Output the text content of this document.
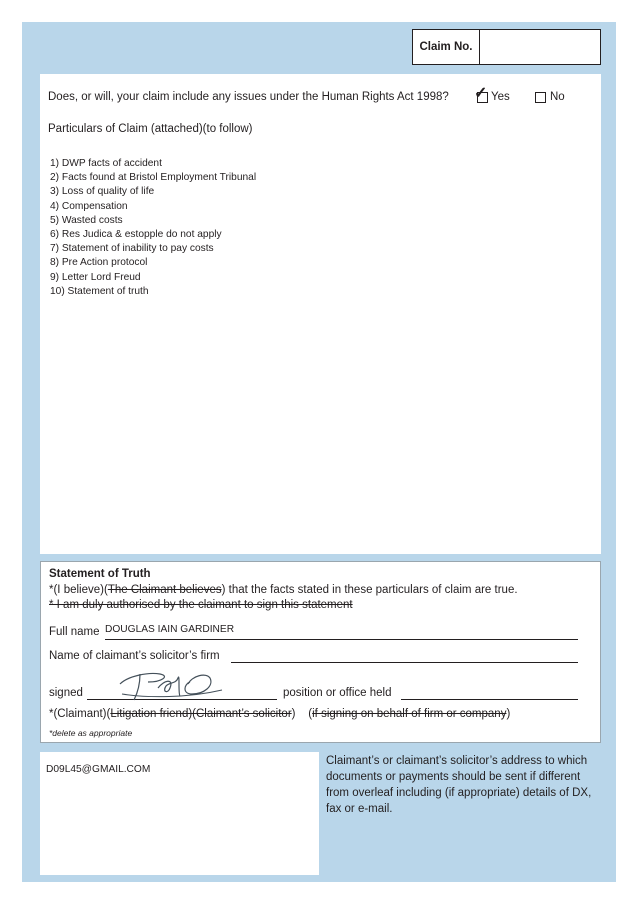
Claim No.
Does, or will, your claim include any issues under the Human Rights Act 1998? ✓ Yes	No
Particulars of Claim (attached)(to follow)
1) DWP facts of accident
2) Facts found at Bristol Employment Tribunal
3) Loss of quality of life
4) Compensation
5) Wasted costs
6) Res Judica & estopple do not apply
7) Statement of inability to pay costs
8) Pre Action protocol
9) Letter Lord Freud
10) Statement of truth
Statement of Truth
*(I believe)(The Claimant believes) that the facts stated in these particulars of claim are true.
* I am duly authorised by the claimant to sign this statement
Full name DOUGLAS IAIN GARDINER
Name of claimant’s solicitor’s firm
signed	position or office held
*(Claimant)(Litigation friend)(Claimant’s solicitor) (if signing on behalf of firm or company)
*delete as appropriate
D09L45@GMAIL.COM
Claimant’s or claimant’s solicitor’s address to which documents or payments should be sent if different from overleaf including (if appropriate) details of DX, fax or e-mail.
